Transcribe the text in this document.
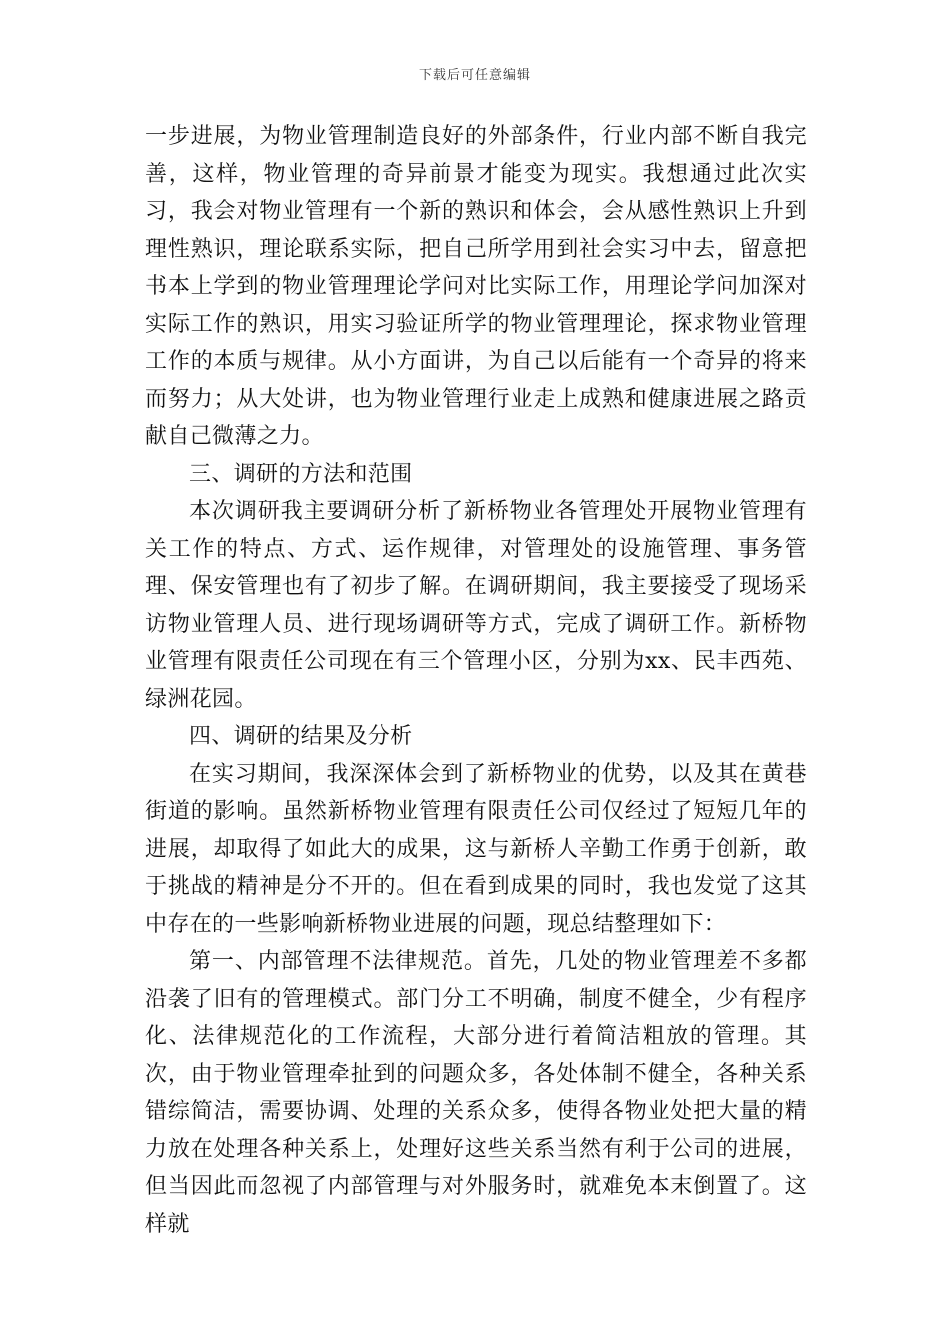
下载后可任意编辑

一步进展，为物业管理制造良好的外部条件，行业内部不断自我完善，这样，物业管理的奇异前景才能变为现实。我想通过此次实习，我会对物业管理有一个新的熟识和体会，会从感性熟识上升到理性熟识，理论联系实际，把自己所学用到社会实习中去，留意把书本上学到的物业管理理论学问对比实际工作，用理论学问加深对实际工作的熟识，用实习验证所学的物业管理理论，探求物业管理工作的本质与规律。从小方面讲，为自己以后能有一个奇异的将来而努力；从大处讲，也为物业管理行业走上成熟和健康进展之路贡献自己微薄之力。

三、调研的方法和范围

本次调研我主要调研分析了新桥物业各管理处开展物业管理有关工作的特点、方式、运作规律，对管理处的设施管理、事务管理、保安管理也有了初步了解。在调研期间，我主要接受了现场采访物业管理人员、进行现场调研等方式，完成了调研工作。新桥物业管理有限责任公司现在有三个管理小区，分别为xx、民丰西苑、绿洲花园。

四、调研的结果及分析

在实习期间，我深深体会到了新桥物业的优势，以及其在黄巷街道的影响。虽然新桥物业管理有限责任公司仅经过了短短几年的进展，却取得了如此大的成果，这与新桥人辛勤工作勇于创新，敢于挑战的精神是分不开的。但在看到成果的同时，我也发觉了这其中存在的一些影响新桥物业进展的问题，现总结整理如下：

第一、内部管理不法律规范。首先，几处的物业管理差不多都沿袭了旧有的管理模式。部门分工不明确，制度不健全，少有程序化、法律规范化的工作流程，大部分进行着简洁粗放的管理。其次，由于物业管理牵扯到的问题众多，各处体制不健全，各种关系错综简洁，需要协调、处理的关系众多，使得各物业处把大量的精力放在处理各种关系上，处理好这些关系当然有利于公司的进展，但当因此而忽视了内部管理与对外服务时，就难免本末倒置了。这样就
